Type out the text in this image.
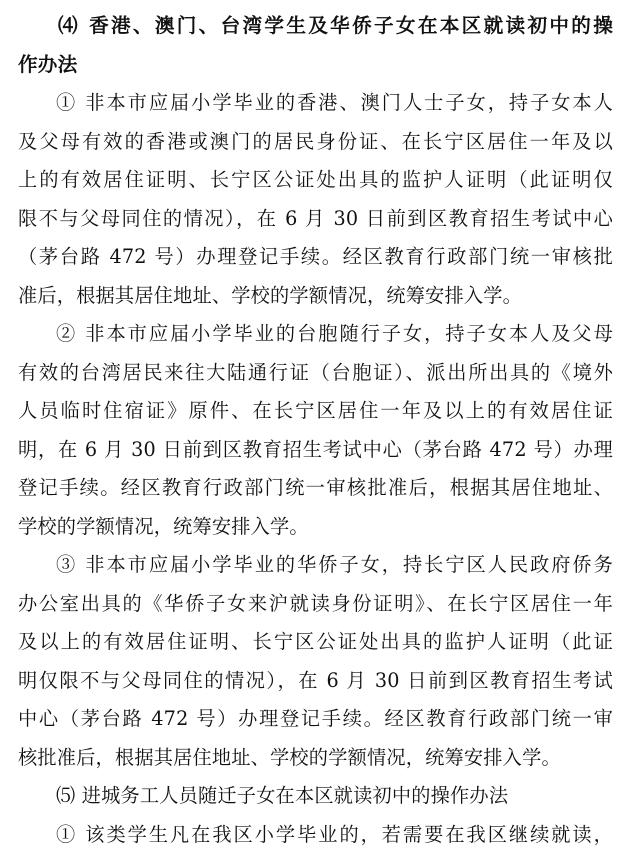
⑷ 香港、澳门、台湾学生及华侨子女在本区就读初中的操
作办法
① 非本市应届小学毕业的香港、澳门人士子女，持子女本人
及父母有效的香港或澳门的居民身份证、在长宁区居住一年及以
上的有效居住证明、长宁区公证处出具的监护人证明（此证明仅
限不与父母同住的情况），在 6 月 30 日前到区教育招生考试中心
（茅台路 472 号）办理登记手续。经区教育行政部门统一审核批
准后，根据其居住地址、学校的学额情况，统筹安排入学。
② 非本市应届小学毕业的台胞随行子女，持子女本人及父母
有效的台湾居民来往大陆通行证（台胞证）、派出所出具的《境外
人员临时住宿证》原件、在长宁区居住一年及以上的有效居住证
明，在 6 月 30 日前到区教育招生考试中心（茅台路 472 号）办理
登记手续。经区教育行政部门统一审核批准后，根据其居住地址、
学校的学额情况，统筹安排入学。
③ 非本市应届小学毕业的华侨子女，持长宁区人民政府侨务
办公室出具的《华侨子女来沪就读身份证明》、在长宁区居住一年
及以上的有效居住证明、长宁区公证处出具的监护人证明（此证
明仅限不与父母同住的情况），在 6 月 30 日前到区教育招生考试
中心（茅台路 472 号）办理登记手续。经区教育行政部门统一审
核批准后，根据其居住地址、学校的学额情况，统筹安排入学。
⑸ 进城务工人员随迁子女在本区就读初中的操作办法
① 该类学生凡在我区小学毕业的，若需要在我区继续就读，
